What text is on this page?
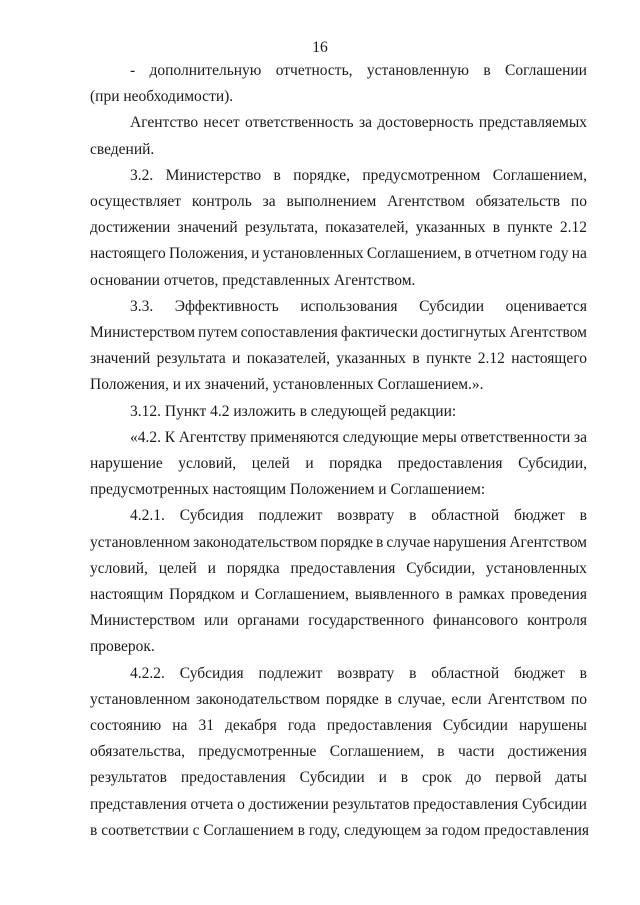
16
- дополнительную отчетность, установленную в Соглашении
(при необходимости).
Агентство несет ответственность за достоверность представляемых
сведений.
3.2. Министерство в порядке, предусмотренном Соглашением,
осуществляет контроль за выполнением Агентством обязательств по
достижении значений результата, показателей, указанных в пункте 2.12
настоящего Положения, и установленных Соглашением, в отчетном году на
основании отчетов, представленных Агентством.
3.3. Эффективность использования Субсидии оценивается
Министерством путем сопоставления фактически достигнутых Агентством
значений результата и показателей, указанных в пункте 2.12 настоящего
Положения, и их значений, установленных Соглашением.».
3.12. Пункт 4.2 изложить в следующей редакции:
«4.2. К Агентству применяются следующие меры ответственности за
нарушение условий, целей и порядка предоставления Субсидии,
предусмотренных настоящим Положением и Соглашением:
4.2.1. Субсидия подлежит возврату в областной бюджет в
установленном законодательством порядке в случае нарушения Агентством
условий, целей и порядка предоставления Субсидии, установленных
настоящим Порядком и Соглашением, выявленного в рамках проведения
Министерством или органами государственного финансового контроля
проверок.
4.2.2. Субсидия подлежит возврату в областной бюджет в
установленном законодательством порядке в случае, если Агентством по
состоянию на 31 декабря года предоставления Субсидии нарушены
обязательства, предусмотренные Соглашением, в части достижения
результатов предоставления Субсидии и в срок до первой даты
представления отчета о достижении результатов предоставления Субсидии
в соответствии с Соглашением в году, следующем за годом предоставления
